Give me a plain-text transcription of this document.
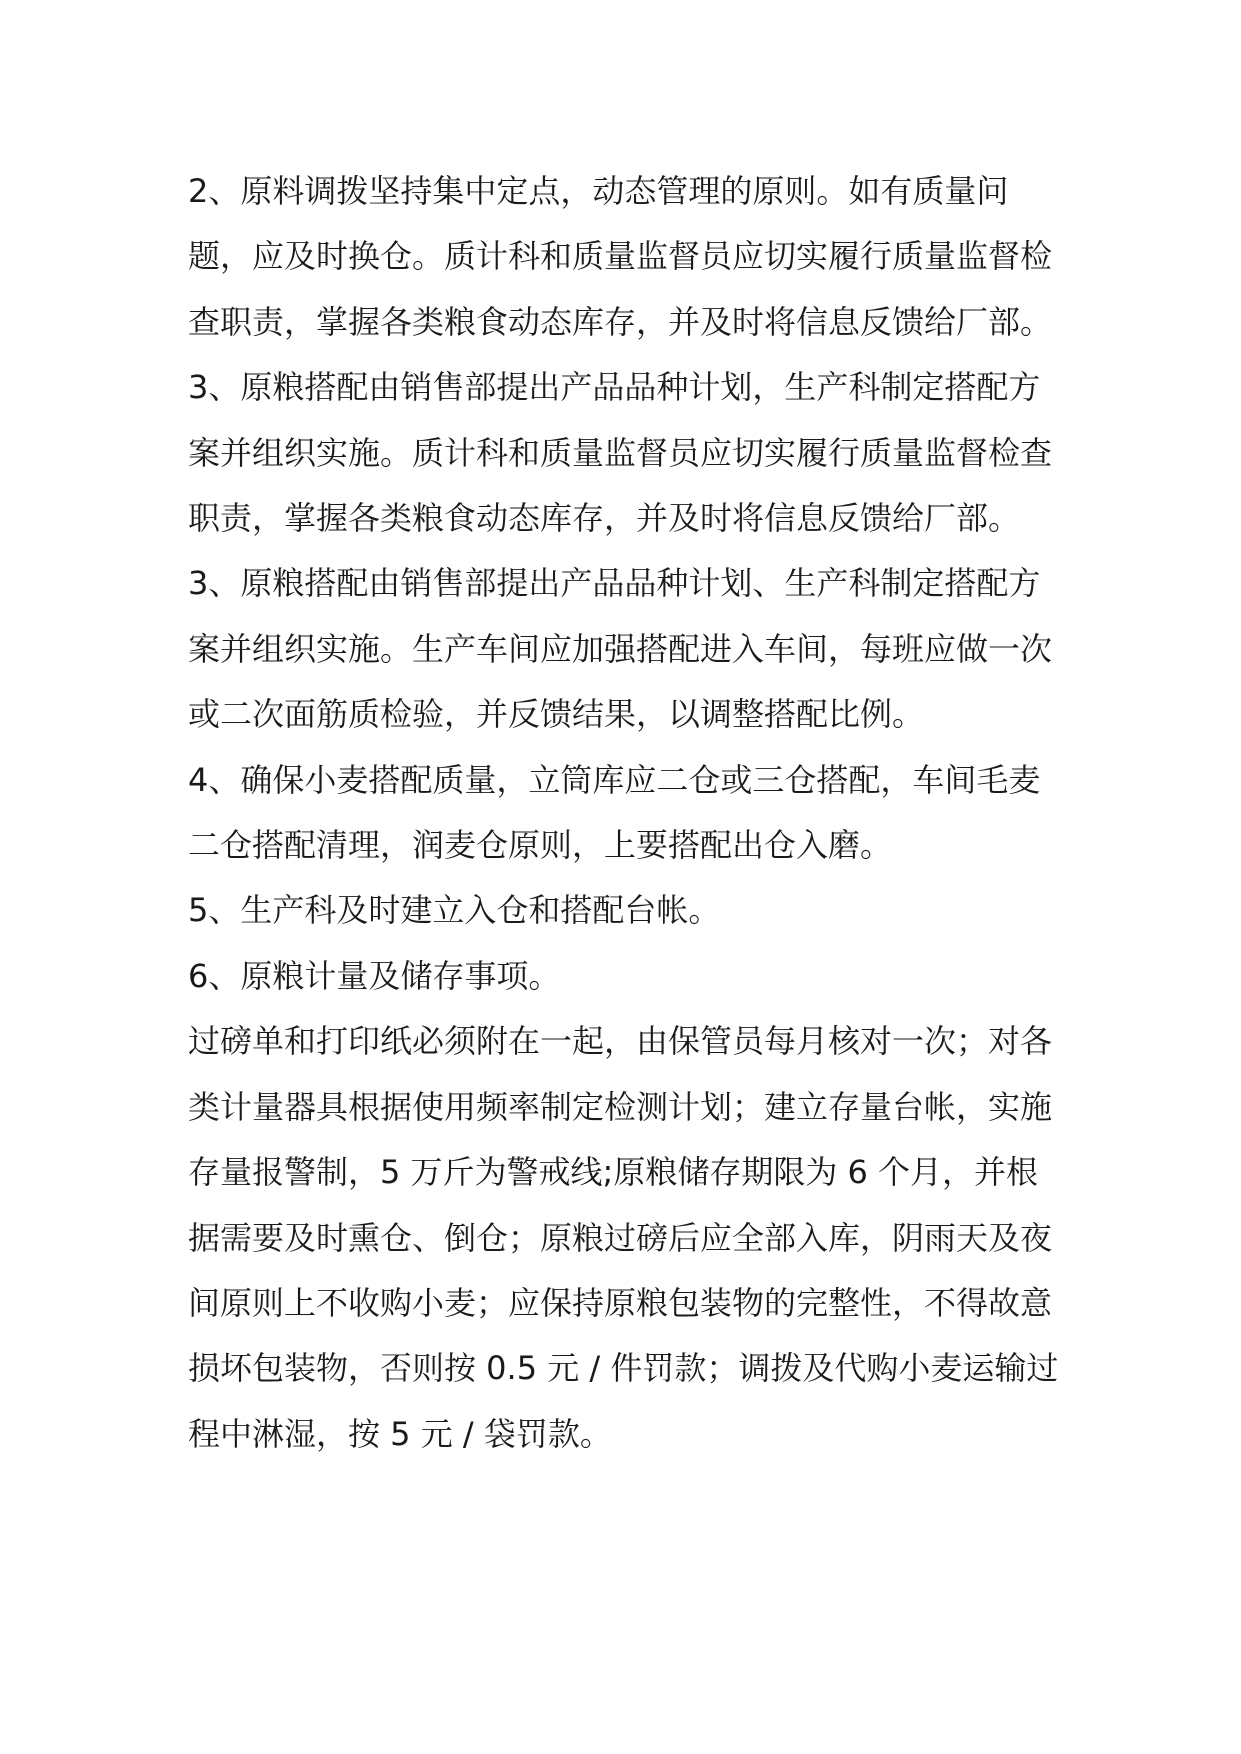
2、原料调拨坚持集中定点，动态管理的原则。如有质量问题，应及时换仓。质计科和质量监督员应切实履行质量监督检查职责，掌握各类粮食动态库存，并及时将信息反馈给厂部。

3、原粮搭配由销售部提出产品品种计划，生产科制定搭配方案并组织实施。质计科和质量监督员应切实履行质量监督检查职责，掌握各类粮食动态库存，并及时将信息反馈给厂部。

3、原粮搭配由销售部提出产品品种计划、生产科制定搭配方案并组织实施。生产车间应加强搭配进入车间，每班应做一次或二次面筋质检验，并反馈结果，以调整搭配比例。

4、确保小麦搭配质量，立筒库应二仓或三仓搭配，车间毛麦二仓搭配清理，润麦仓原则，上要搭配出仓入磨。

5、生产科及时建立入仓和搭配台帐。

6、原粮计量及储存事项。

过磅单和打印纸必须附在一起，由保管员每月核对一次；对各类计量器具根据使用频率制定检测计划；建立存量台帐，实施存量报警制，5 万斤为警戒线;原粮储存期限为 6 个月，并根据需要及时熏仓、倒仓；原粮过磅后应全部入库，阴雨天及夜间原则上不收购小麦；应保持原粮包装物的完整性，不得故意损坏包装物，否则按 0.5 元 / 件罚款；调拨及代购小麦运输过程中淋湿，按 5 元 / 袋罚款。
